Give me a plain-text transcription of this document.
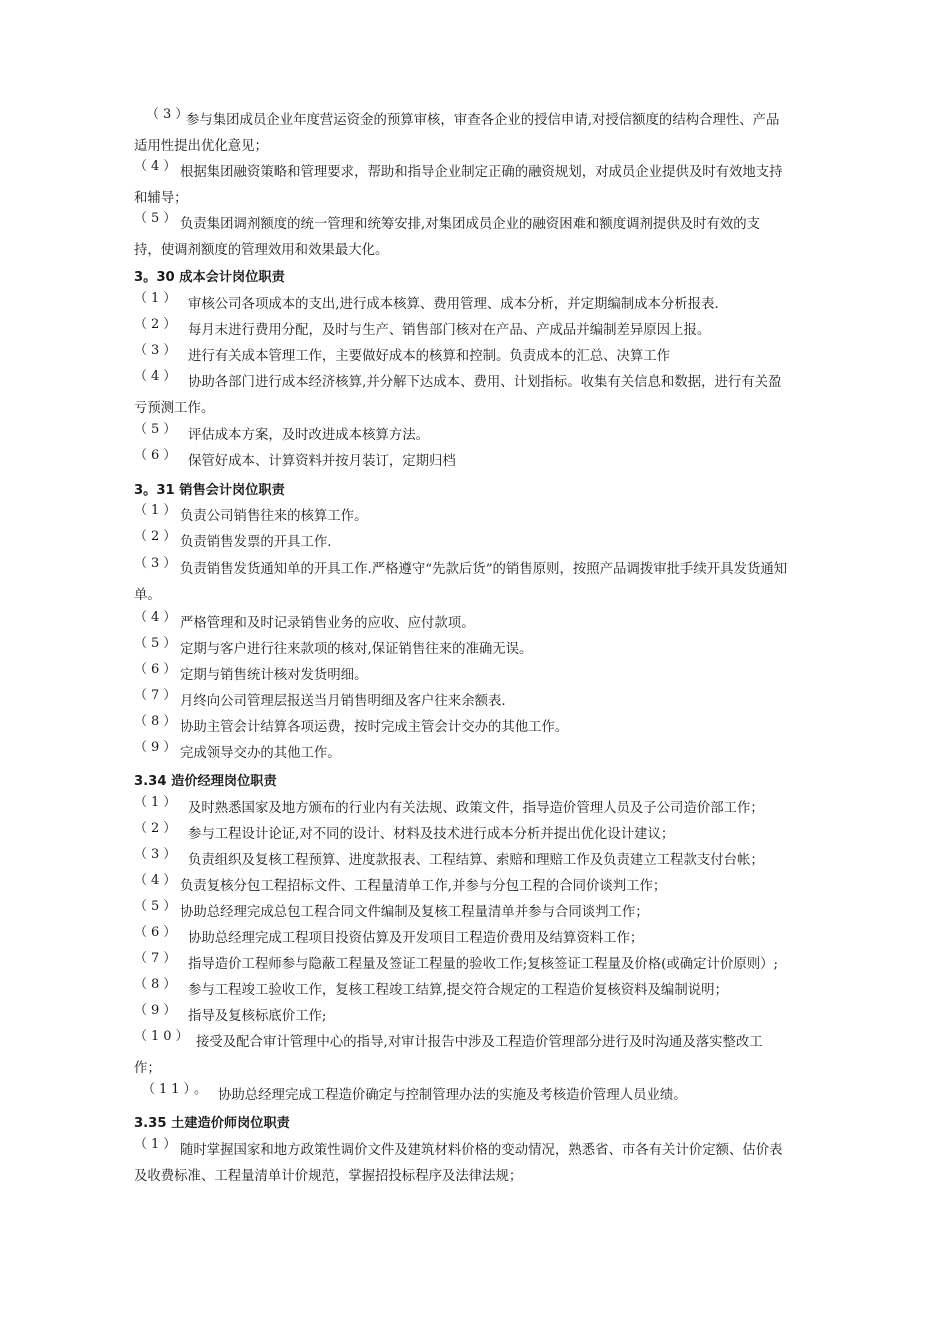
（3）
参与集团成员企业年度营运资金的预算审核，审查各企业的授信申请,对授信额度的结构合理性、产品
适用性提出优化意见；
（4） 根据集团融资策略和管理要求，帮助和指导企业制定正确的融资规划，对成员企业提供及时有效地支持
和辅导；
（5） 负责集团调剂额度的统一管理和统筹安排,对集团成员企业的融资困难和额度调剂提供及时有效的支
持，使调剂额度的管理效用和效果最大化。
3。30 成本会计岗位职责
（1） 审核公司各项成本的支出,进行成本核算、费用管理、成本分析，并定期编制成本分析报表.
（2） 每月末进行费用分配，及时与生产、销售部门核对在产品、产成品并编制差异原因上报。
（3） 进行有关成本管理工作，主要做好成本的核算和控制。负责成本的汇总、决算工作
（4） 协助各部门进行成本经济核算,并分解下达成本、费用、计划指标。收集有关信息和数据，进行有关盈
亏预测工作。
（5） 评估成本方案，及时改进成本核算方法。
（6） 保管好成本、计算资料并按月装订，定期归档
3。31 销售会计岗位职责
（1） 负责公司销售往来的核算工作。
（2） 负责销售发票的开具工作.
（3） 负责销售发货通知单的开具工作.严格遵守“先款后货”的销售原则，按照产品调拨审批手续开具发货通知
单。
（4） 严格管理和及时记录销售业务的应收、应付款项。
（5） 定期与客户进行往来款项的核对,保证销售往来的准确无误。
（6） 定期与销售统计核对发货明细。
（7） 月终向公司管理层报送当月销售明细及客户往来余额表.
（8） 协助主管会计结算各项运费，按时完成主管会计交办的其他工作。
（9） 完成领导交办的其他工作。
3.34 造价经理岗位职责
（1） 及时熟悉国家及地方颁布的行业内有关法规、政策文件，指导造价管理人员及子公司造价部工作；
（2） 参与工程设计论证,对不同的设计、材料及技术进行成本分析并提出优化设计建议；
（3） 负责组织及复核工程预算、进度款报表、工程结算、索赔和理赔工作及负责建立工程款支付台帐；
（4） 负责复核分包工程招标文件、工程量清单工作,并参与分包工程的合同价谈判工作；
（5） 协助总经理完成总包工程合同文件编制及复核工程量清单并参与合同谈判工作；
（6） 协助总经理完成工程项目投资估算及开发项目工程造价费用及结算资料工作；
（7） 指导造价工程师参与隐蔽工程量及签证工程量的验收工作;复核签证工程量及价格(或确定计价原则）;
（8） 参与工程竣工验收工作，复核工程竣工结算,提交符合规定的工程造价复核资料及编制说明；
（9） 指导及复核标底价工作;
（10） 接受及配合审计管理中心的指导,对审计报告中涉及工程造价管理部分进行及时沟通及落实整改工
作；
（11）。 协助总经理完成工程造价确定与控制管理办法的实施及考核造价管理人员业绩。
3.35 土建造价师岗位职责
（1） 随时掌握国家和地方政策性调价文件及建筑材料价格的变动情况，熟悉省、市各有关计价定额、估价表
及收费标准、工程量清单计价规范，掌握招投标程序及法律法规；
